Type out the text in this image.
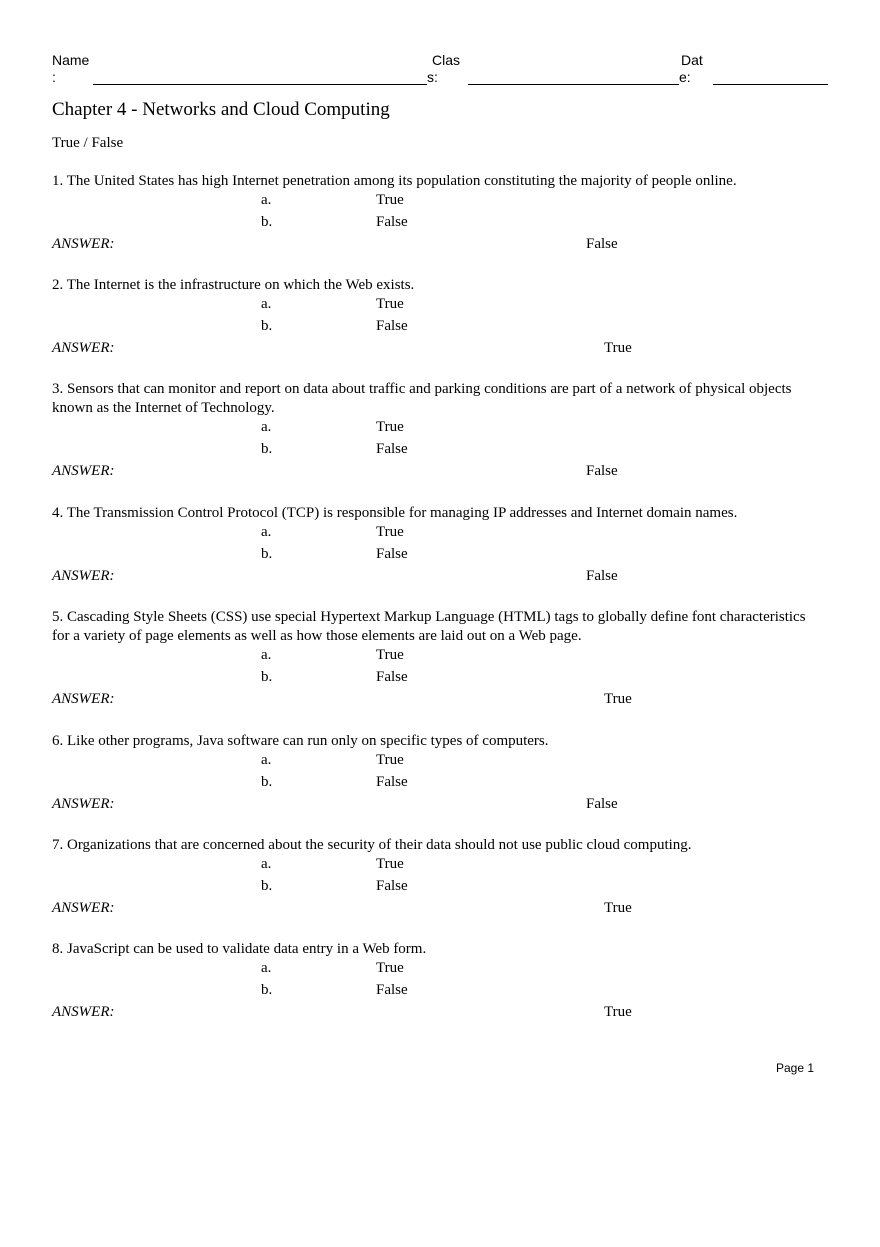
Name
:
Clas
s:
Dat
e:
Chapter 4 - Networks and Cloud Computing
True / False

1. The United States has high Internet penetration among its population constituting the majority of people online.

a.	True
b.	False
ANSWER:	False

2. The Internet is the infrastructure on which the Web exists.

a.	True
b.	False
ANSWER:	True

3. Sensors that can monitor and report on data about traffic and parking conditions are part of a network of physical objects known as the Internet of Technology.

a.	True
b.	False
ANSWER:	False

4. The Transmission Control Protocol (TCP) is responsible for managing IP addresses and Internet domain names.

a.	True
b.	False
ANSWER:	False

5. Cascading Style Sheets (CSS) use special Hypertext Markup Language (HTML) tags to globally define font characteristics for a variety of page elements as well as how those elements are laid out on a Web page.

a.	True
b.	False
ANSWER:	True

6. Like other programs, Java software can run only on specific types of computers.

a.	True
b.	False
ANSWER:	False

7. Organizations that are concerned about the security of their data should not use public cloud computing.

a.	True
b.	False
ANSWER:	True

8. JavaScript can be used to validate data entry in a Web form.

a.	True
b.	False
ANSWER:	True
Page 1
